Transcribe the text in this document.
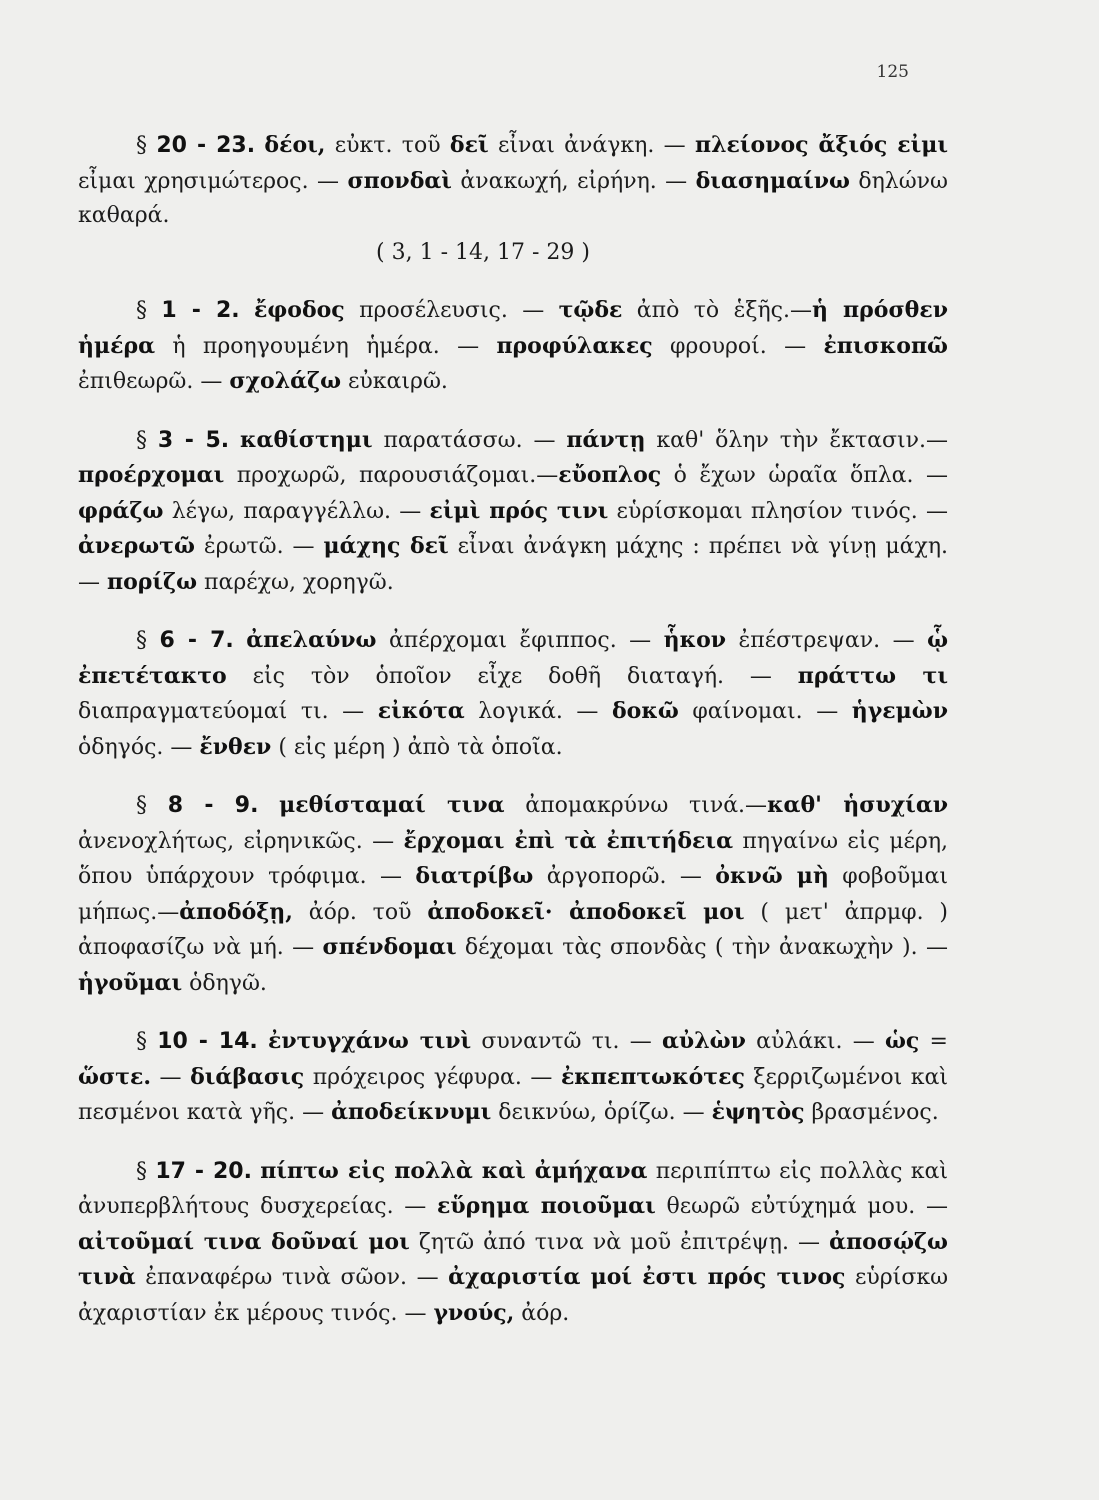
125

§ 20 - 23. δέοι, εὐκτ. τοῦ δεῖ εἶναι ἀνάγκη. — πλείονος ἄξιός εἰμι εἶμαι χρησιμώτερος. — σπονδαὶ ἀνακωχή, εἰρήνη. — διασημαίνω δηλώνω καθαρά.

( 3, 1 - 14, 17 - 29 )

§ 1 - 2. ἔφοδος προσέλευσις. — τῷδε ἀπὸ τὸ ἑξῆς.—ἡ πρόσθεν ἡμέρα ἡ προηγουμένη ἡμέρα. — προφύλακες φρουροί. — ἐπισκοπῶ ἐπιθεωρῶ. — σχολάζω εὐκαιρῶ.

§ 3 - 5. καθίστημι παρατάσσω. — πάντῃ καθ' ὅλην τὴν ἔκτασιν.— προέρχομαι προχωρῶ, παρουσιάζομαι.—εὔοπλος ὁ ἔχων ὡραῖα ὅπλα. — φράζω λέγω, παραγγέλλω. — εἰμὶ πρός τινι εὑρίσκομαι πλησίον τινός. — ἀνερωτῶ ἐρωτῶ. — μάχης δεῖ εἶναι ἀνάγκη μάχης : πρέπει νὰ γίνῃ μάχη. — πορίζω παρέχω, χορηγῶ.

§ 6 - 7. ἀπελαύνω ἀπέρχομαι ἔφιππος. — ἧκον ἐπέστρεψαν. — ᾧ ἐπετέτακτο εἰς τὸν ὁποῖον εἶχε δοθῆ διαταγή. — πράττω τι διαπραγματεύομαί τι. — εἰκότα λογικά. — δοκῶ φαίνομαι. — ἡγεμὼν ὁδηγός. — ἔνθεν ( εἰς μέρη ) ἀπὸ τὰ ὁποῖα.

§ 8 - 9. μεθίσταμαί τινα ἀπομακρύνω τινά.—καθ' ἡσυχίαν ἀνενοχλήτως, εἰρηνικῶς. — ἔρχομαι ἐπὶ τὰ ἐπιτήδεια πηγαίνω εἰς μέρη, ὅπου ὑπάρχουν τρόφιμα. — διατρίβω ἀργοπορῶ. — ὀκνῶ μὴ φοβοῦμαι μήπως.—ἀποδόξῃ, ἀόρ. τοῦ ἀποδοκεῖ· ἀποδοκεῖ μοι ( μετ' ἀπρμφ. ) ἀποφασίζω νὰ μή. — σπένδομαι δέχομαι τὰς σπονδὰς ( τὴν ἀνακωχὴν ). — ἡγοῦμαι ὁδηγῶ.

§ 10 - 14. ἐντυγχάνω τινὶ συναντῶ τι. — αὐλὼν αὐλάκι. — ὡς = ὥστε. — διάβασις πρόχειρος γέφυρα. — ἐκπεπτωκότες ξερριζωμένοι καὶ πεσμένοι κατὰ γῆς. — ἀποδείκνυμι δεικνύω, ὁρίζω. — ἑψητὸς βρασμένος.

§ 17 - 20. πίπτω εἰς πολλὰ καὶ ἀμήχανα περιπίπτω εἰς πολλὰς καὶ ἀνυπερβλήτους δυσχερείας. — εὕρημα ποιοῦμαι θεωρῶ εὐτύχημά μου. — αἰτοῦμαί τινα δοῦναί μοι ζητῶ ἀπό τινα νὰ μοῦ ἐπιτρέψῃ. — ἀποσῴζω τινὰ ἐπαναφέρω τινὰ σῶον. — ἀχαριστία μοί ἐστι πρός τινος εὑρίσκω ἀχαριστίαν ἐκ μέρους τινός. — γνούς, ἀόρ.
